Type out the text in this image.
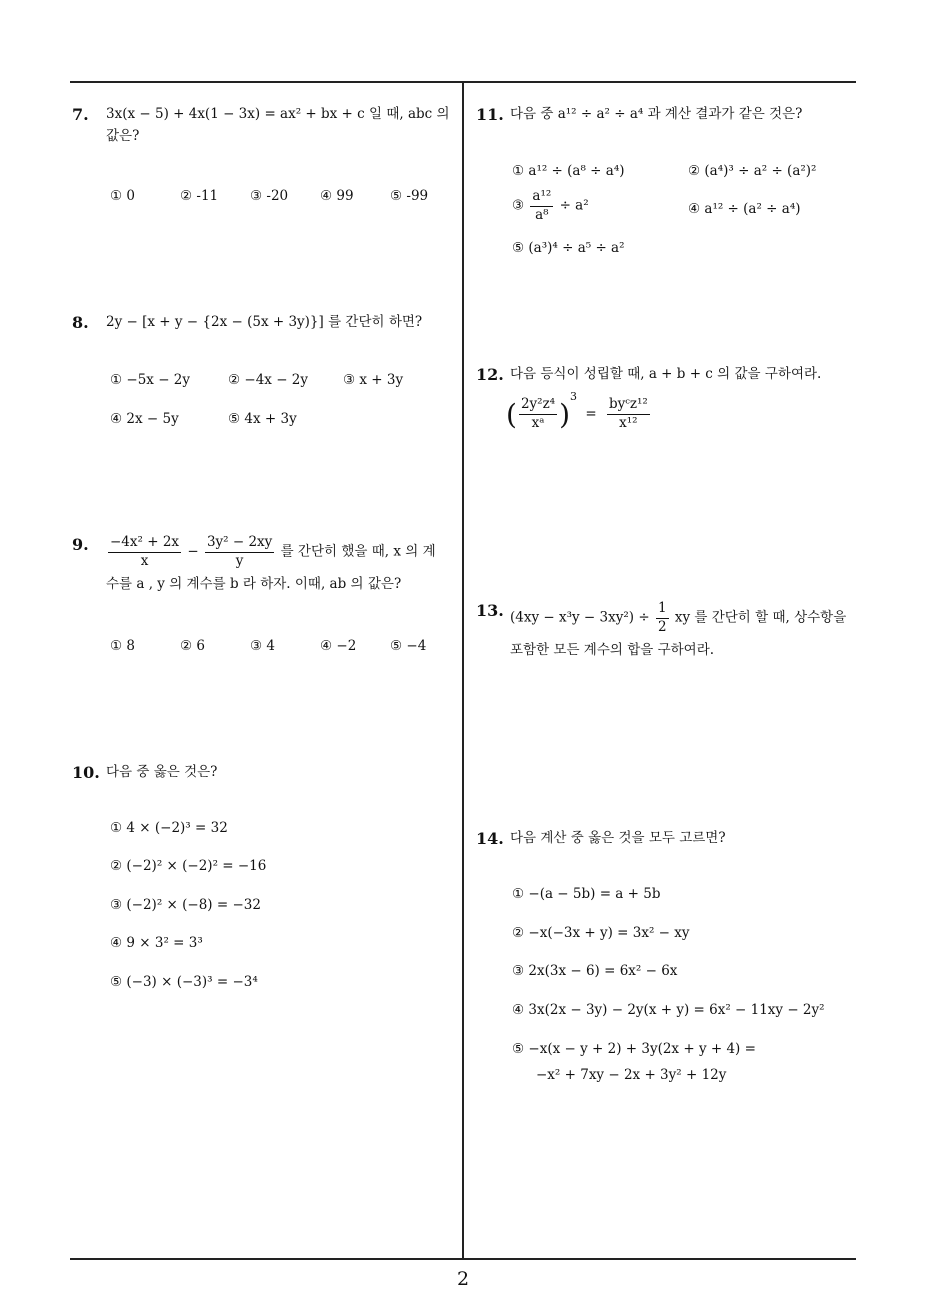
2
7. 3x(x − 5) + 4x(1 − 3x) = ax² + bx + c 일 때, abc 의
값은?
① 0	② -11 ③ -20 ④ 99	⑤ -99
8. 2y − [x + y − {2x − (5x + 3y)}] 를 간단히 하면?
① −5x − 2y	② −4x − 2y	③ x + 3y
④ 2x − 5y	⑤ 4x + 3y
9. $\frac{\text{−4x² + 2x}}{x} - \frac{\text{3y² − 2xy}}{y}$ 를 간단히 했을 때, x 의 계
수를 a , y 의 계수를 b 라 하자. 이때, ab 의 값은?
① 8	② 6	③ 4	④ −2 ⑤ −4
10. 다음 중 옳은 것은?
① 4 × (−2)³ = 32
② (−2)² × (−2)² = −16
③ (−2)² × (−8) = −32
④ 9 × 3² = 3³
⑤ (−3) × (−3)³ = −3⁴
11. 다음 중 a¹² ÷ a² ÷ a⁴ 과 계산 결과가 같은 것은?
① a¹² ÷ (a⁸ ÷ a⁴)	② (a⁴)³ ÷ a² ÷ (a²)²
③ $\frac{\text{a¹²}}{\text{a⁸}} \div a^2$	④ a¹² ÷ (a² ÷ a⁴)
⑤ (a³)⁴ ÷ a⁵ ÷ a²
12. 다음 등식이 성립할 때, a + b + c 의 값을 구하여라.
( $\frac{\text{2y²z⁴}}{\text{xᵃ}} )^3 = \frac{\text{byᶜz¹²}}{\text{x¹²}}$
13. $(4xy - x^3y - 3xy^2) \div \frac{1}{2}$ xy 를 간단히 할 때, 상수항을
포함한 모든 계수의 합을 구하여라.
14. 다음 계산 중 옳은 것을 모두 고르면?
① −(a − 5b) = a + 5b
② −x(−3x + y) = 3x² − xy
③ 2x(3x − 6) = 6x² − 6x
④ 3x(2x − 3y) − 2y(x + y) = 6x² − 11xy − 2y²
⑤ −x(x − y + 2) + 3y(2x + y + 4) =
−x² + 7xy − 2x + 3y² + 12y
